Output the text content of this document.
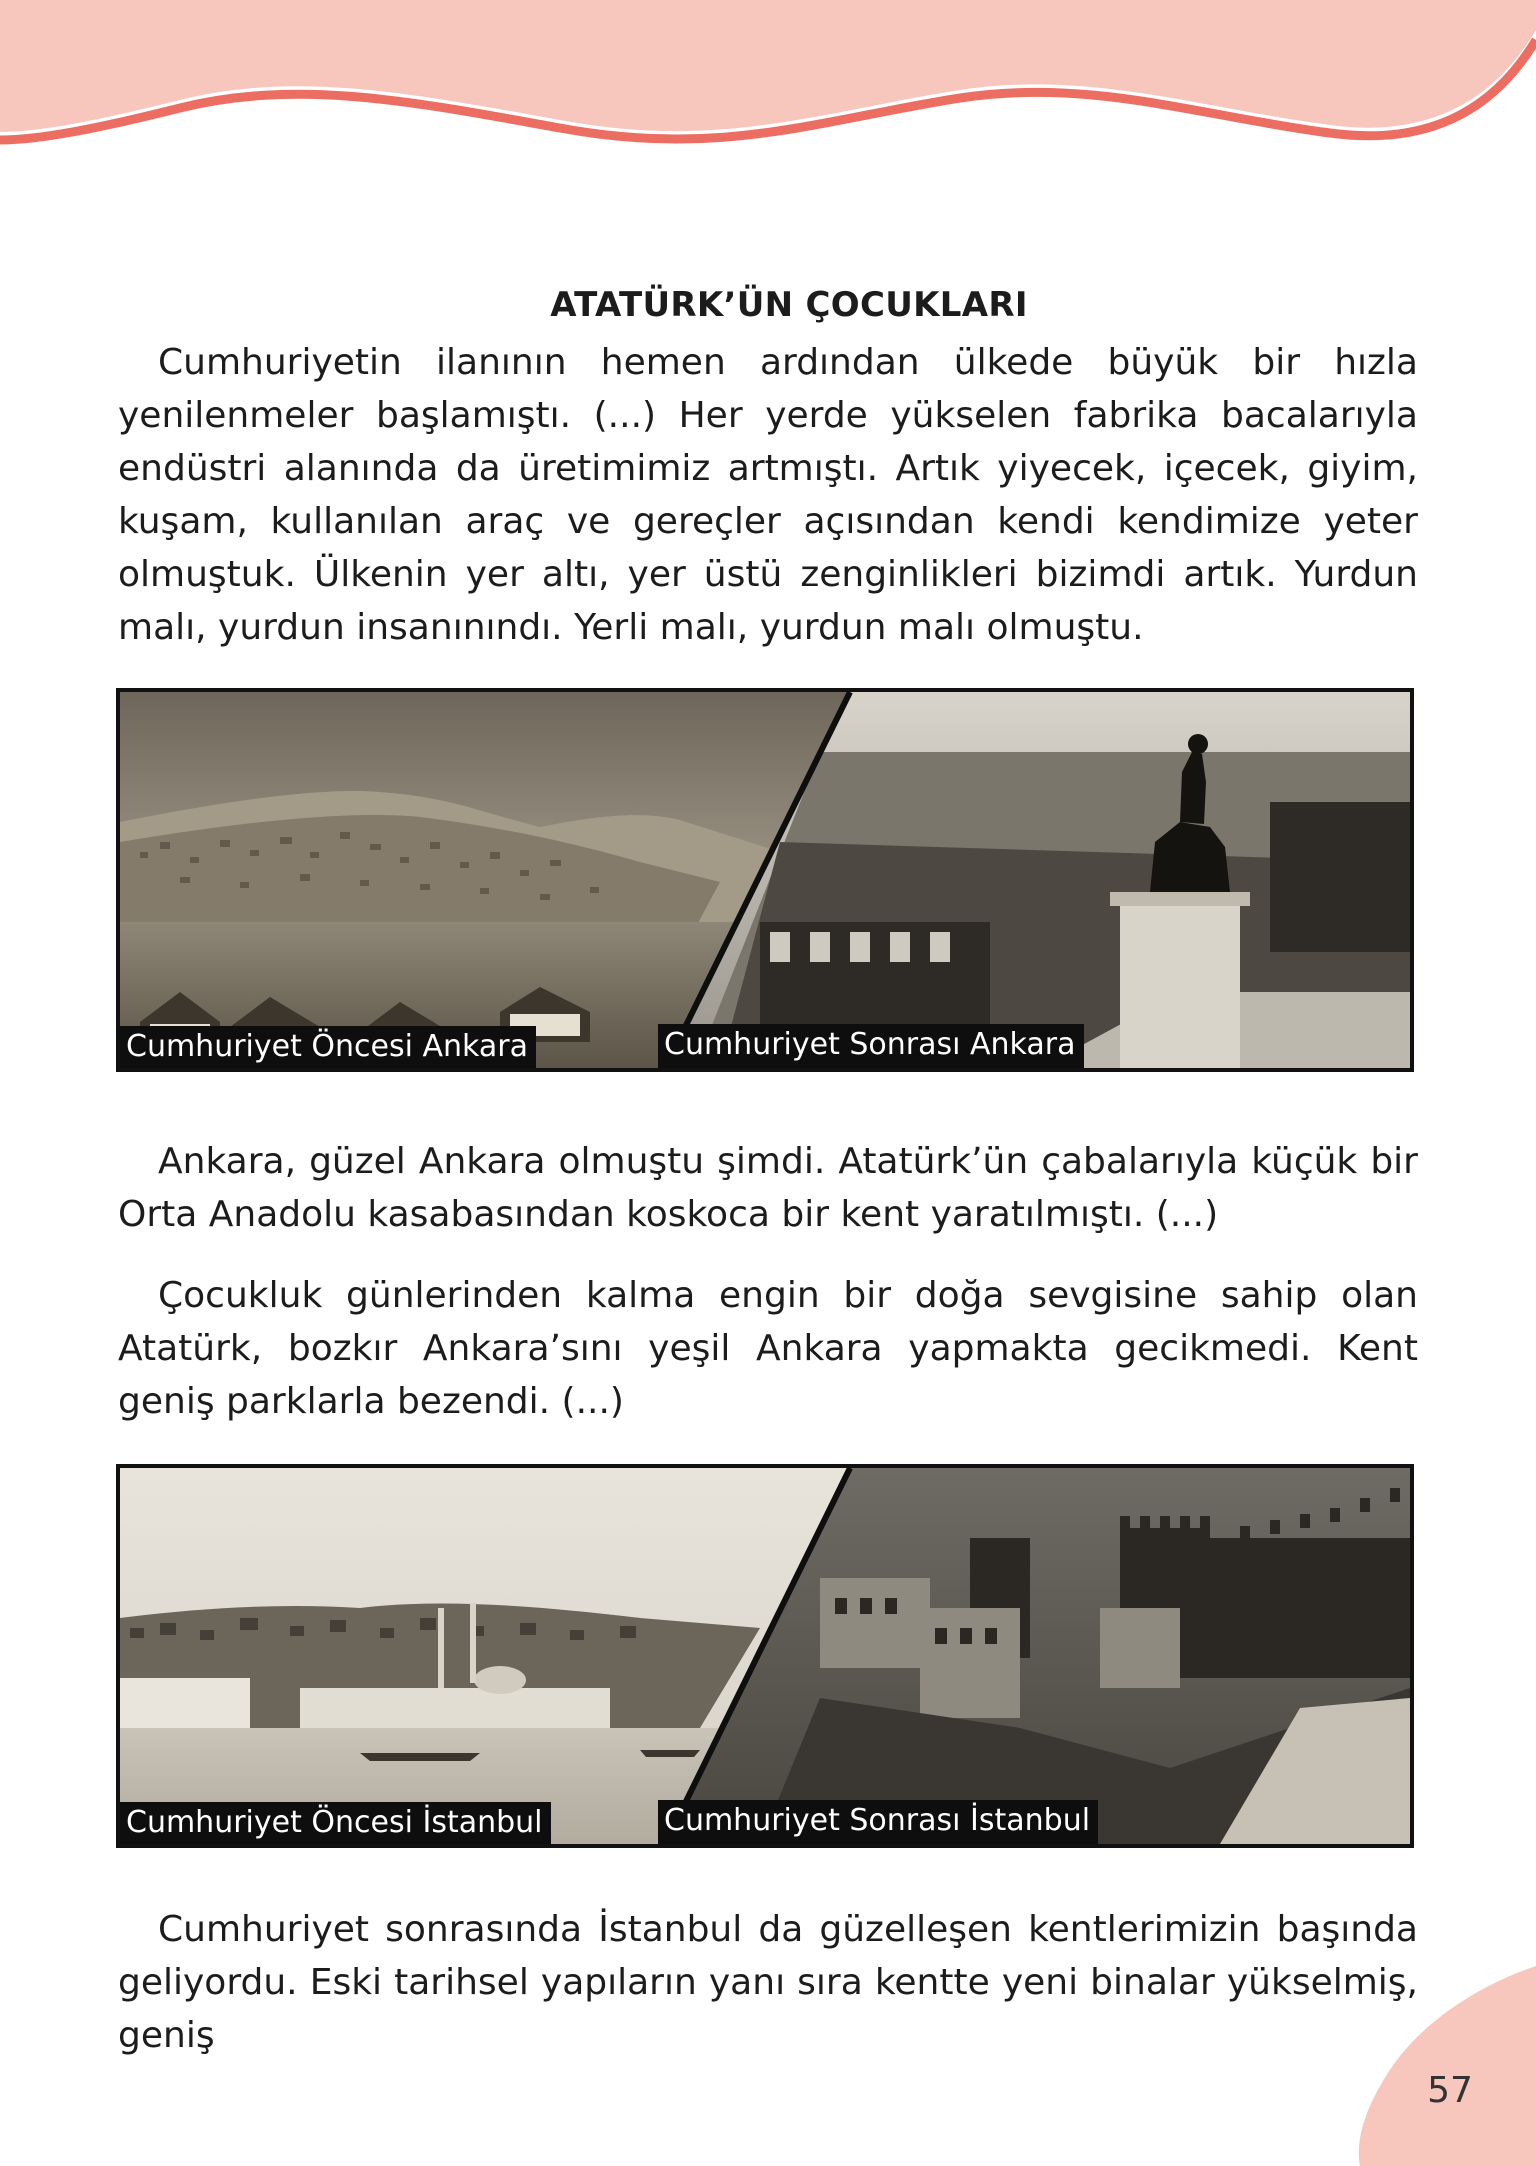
ATATÜRK’ÜN ÇOCUKLARI

Cumhuriyetin ilanının hemen ardından ülkede büyük bir hızla yenilenmeler başlamıştı. (...) Her yerde yükselen fabrika bacalarıyla endüstri alanında da üretimimiz artmıştı. Artık yiyecek, içecek, giyim, kuşam, kullanılan araç ve gereçler açısından kendi kendimize yeter olmuştuk. Ülkenin yer altı, yer üstü zenginlikleri bizimdi artık. Yurdun malı, yurdun insanınındı. Yerli malı, yurdun malı olmuştu.

Cumhuriyet Öncesi Ankara	Cumhuriyet Sonrası Ankara

Ankara, güzel Ankara olmuştu şimdi. Atatürk’ün çabalarıyla küçük bir Orta Anadolu kasabasından koskoca bir kent yaratılmıştı. (...)

Çocukluk günlerinden kalma engin bir doğa sevgisine sahip olan Atatürk, bozkır Ankara’sını yeşil Ankara yapmakta gecikmedi. Kent geniş parklarla bezendi. (...)

Cumhuriyet Öncesi İstanbul	Cumhuriyet Sonrası İstanbul

Cumhuriyet sonrasında İstanbul da güzelleşen kentlerimizin başında geliyordu. Eski tarihsel yapıların yanı sıra kentte yeni binalar yükselmiş, geniş

57
